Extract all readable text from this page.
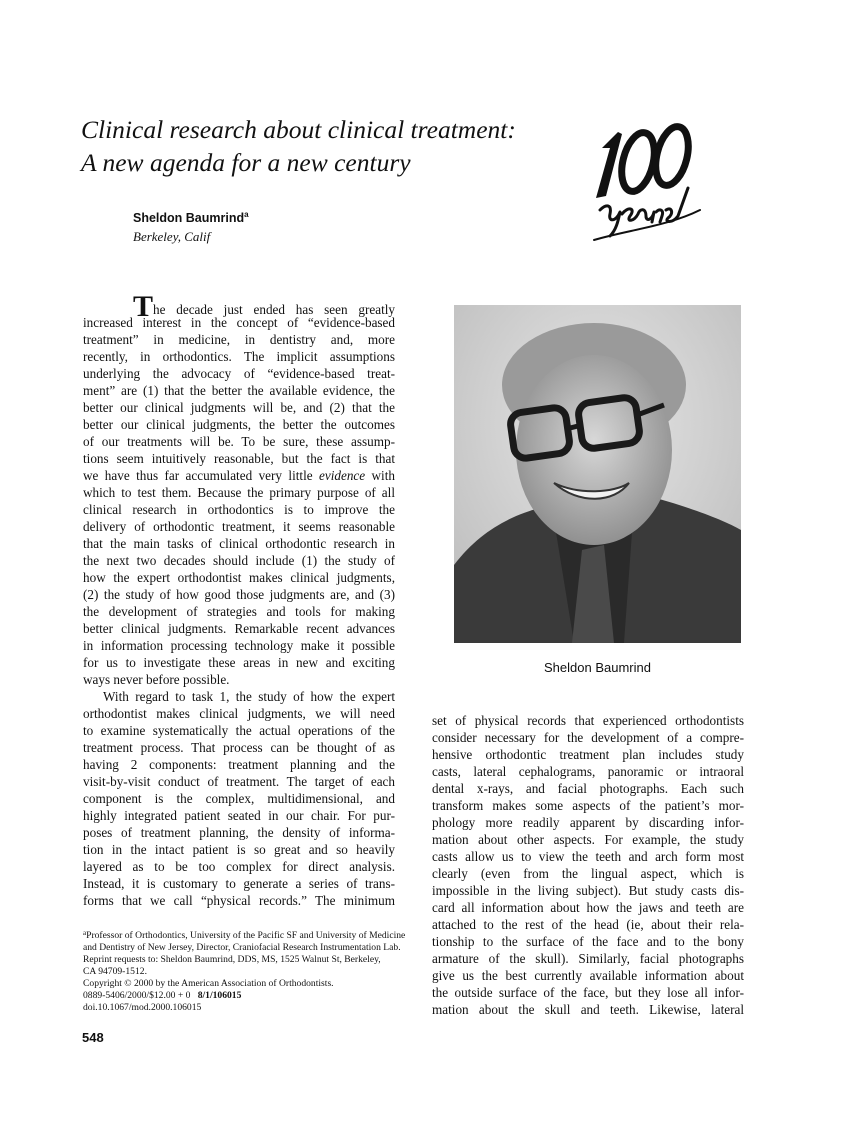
Clinical research about clinical treatment:
A new agenda for a new century
Sheldon Baumrind$^a$
Berkeley, Calif
The decade just ended has seen greatly
increased interest in the concept of “evidence-based
treatment” in medicine, in dentistry and, more
recently, in orthodontics. The implicit assumptions
underlying the advocacy of “evidence-based treat-
ment” are (1) that the better the available evidence, the
better our clinical judgments will be, and (2) that the
better our clinical judgments, the better the outcomes
of our treatments will be. To be sure, these assump-
tions seem intuitively reasonable, but the fact is that
we have thus far accumulated very little evidence with
which to test them. Because the primary purpose of all
clinical research in orthodontics is to improve the
delivery of orthodontic treatment, it seems reasonable
that the main tasks of clinical orthodontic research in
the next two decades should include (1) the study of
how the expert orthodontist makes clinical judgments,
(2) the study of how good those judgments are, and (3)
the development of strategies and tools for making
better clinical judgments. Remarkable recent advances
in information processing technology make it possible
for us to investigate these areas in new and exciting
ways never before possible.
With regard to task 1, the study of how the expert
orthodontist makes clinical judgments, we will need
to examine systematically the actual operations of the
treatment process. That process can be thought of as
having 2 components: treatment planning and the
visit-by-visit conduct of treatment. The target of each
component is the complex, multidimensional, and
highly integrated patient seated in our chair. For pur-
poses of treatment planning, the density of informa-
tion in the intact patient is so great and so heavily
layered as to be too complex for direct analysis.
Instead, it is customary to generate a series of trans-
forms that we call “physical records.” The minimum
Sheldon Baumrind
set of physical records that experienced orthodontists
consider necessary for the development of a compre-
hensive orthodontic treatment plan includes study
casts, lateral cephalograms, panoramic or intraoral
dental x-rays, and facial photographs. Each such
transform makes some aspects of the patient’s mor-
phology more readily apparent by discarding infor-
mation about other aspects. For example, the study
casts allow us to view the teeth and arch form most
clearly (even from the lingual aspect, which is
impossible in the living subject). But study casts dis-
card all information about how the jaws and teeth are
attached to the rest of the head (ie, about their rela-
tionship to the surface of the face and to the bony
armature of the skull). Similarly, facial photographs
give us the best currently available information about
the outside surface of the face, but they lose all infor-
mation about the skull and teeth. Likewise, lateral
$^a$Professor of Orthodontics, University of the Pacific SF and University of Medicine
and Dentistry of New Jersey, Director, Craniofacial Research Instrumentation Lab.
Reprint requests to: Sheldon Baumrind, DDS, MS, 1525 Walnut St, Berkeley,
CA 94709-1512.
Copyright © 2000 by the American Association of Orthodontists.
0889-5406/2000/$12.00 + 0 8/1/106015
doi.10.1067/mod.2000.106015
548
